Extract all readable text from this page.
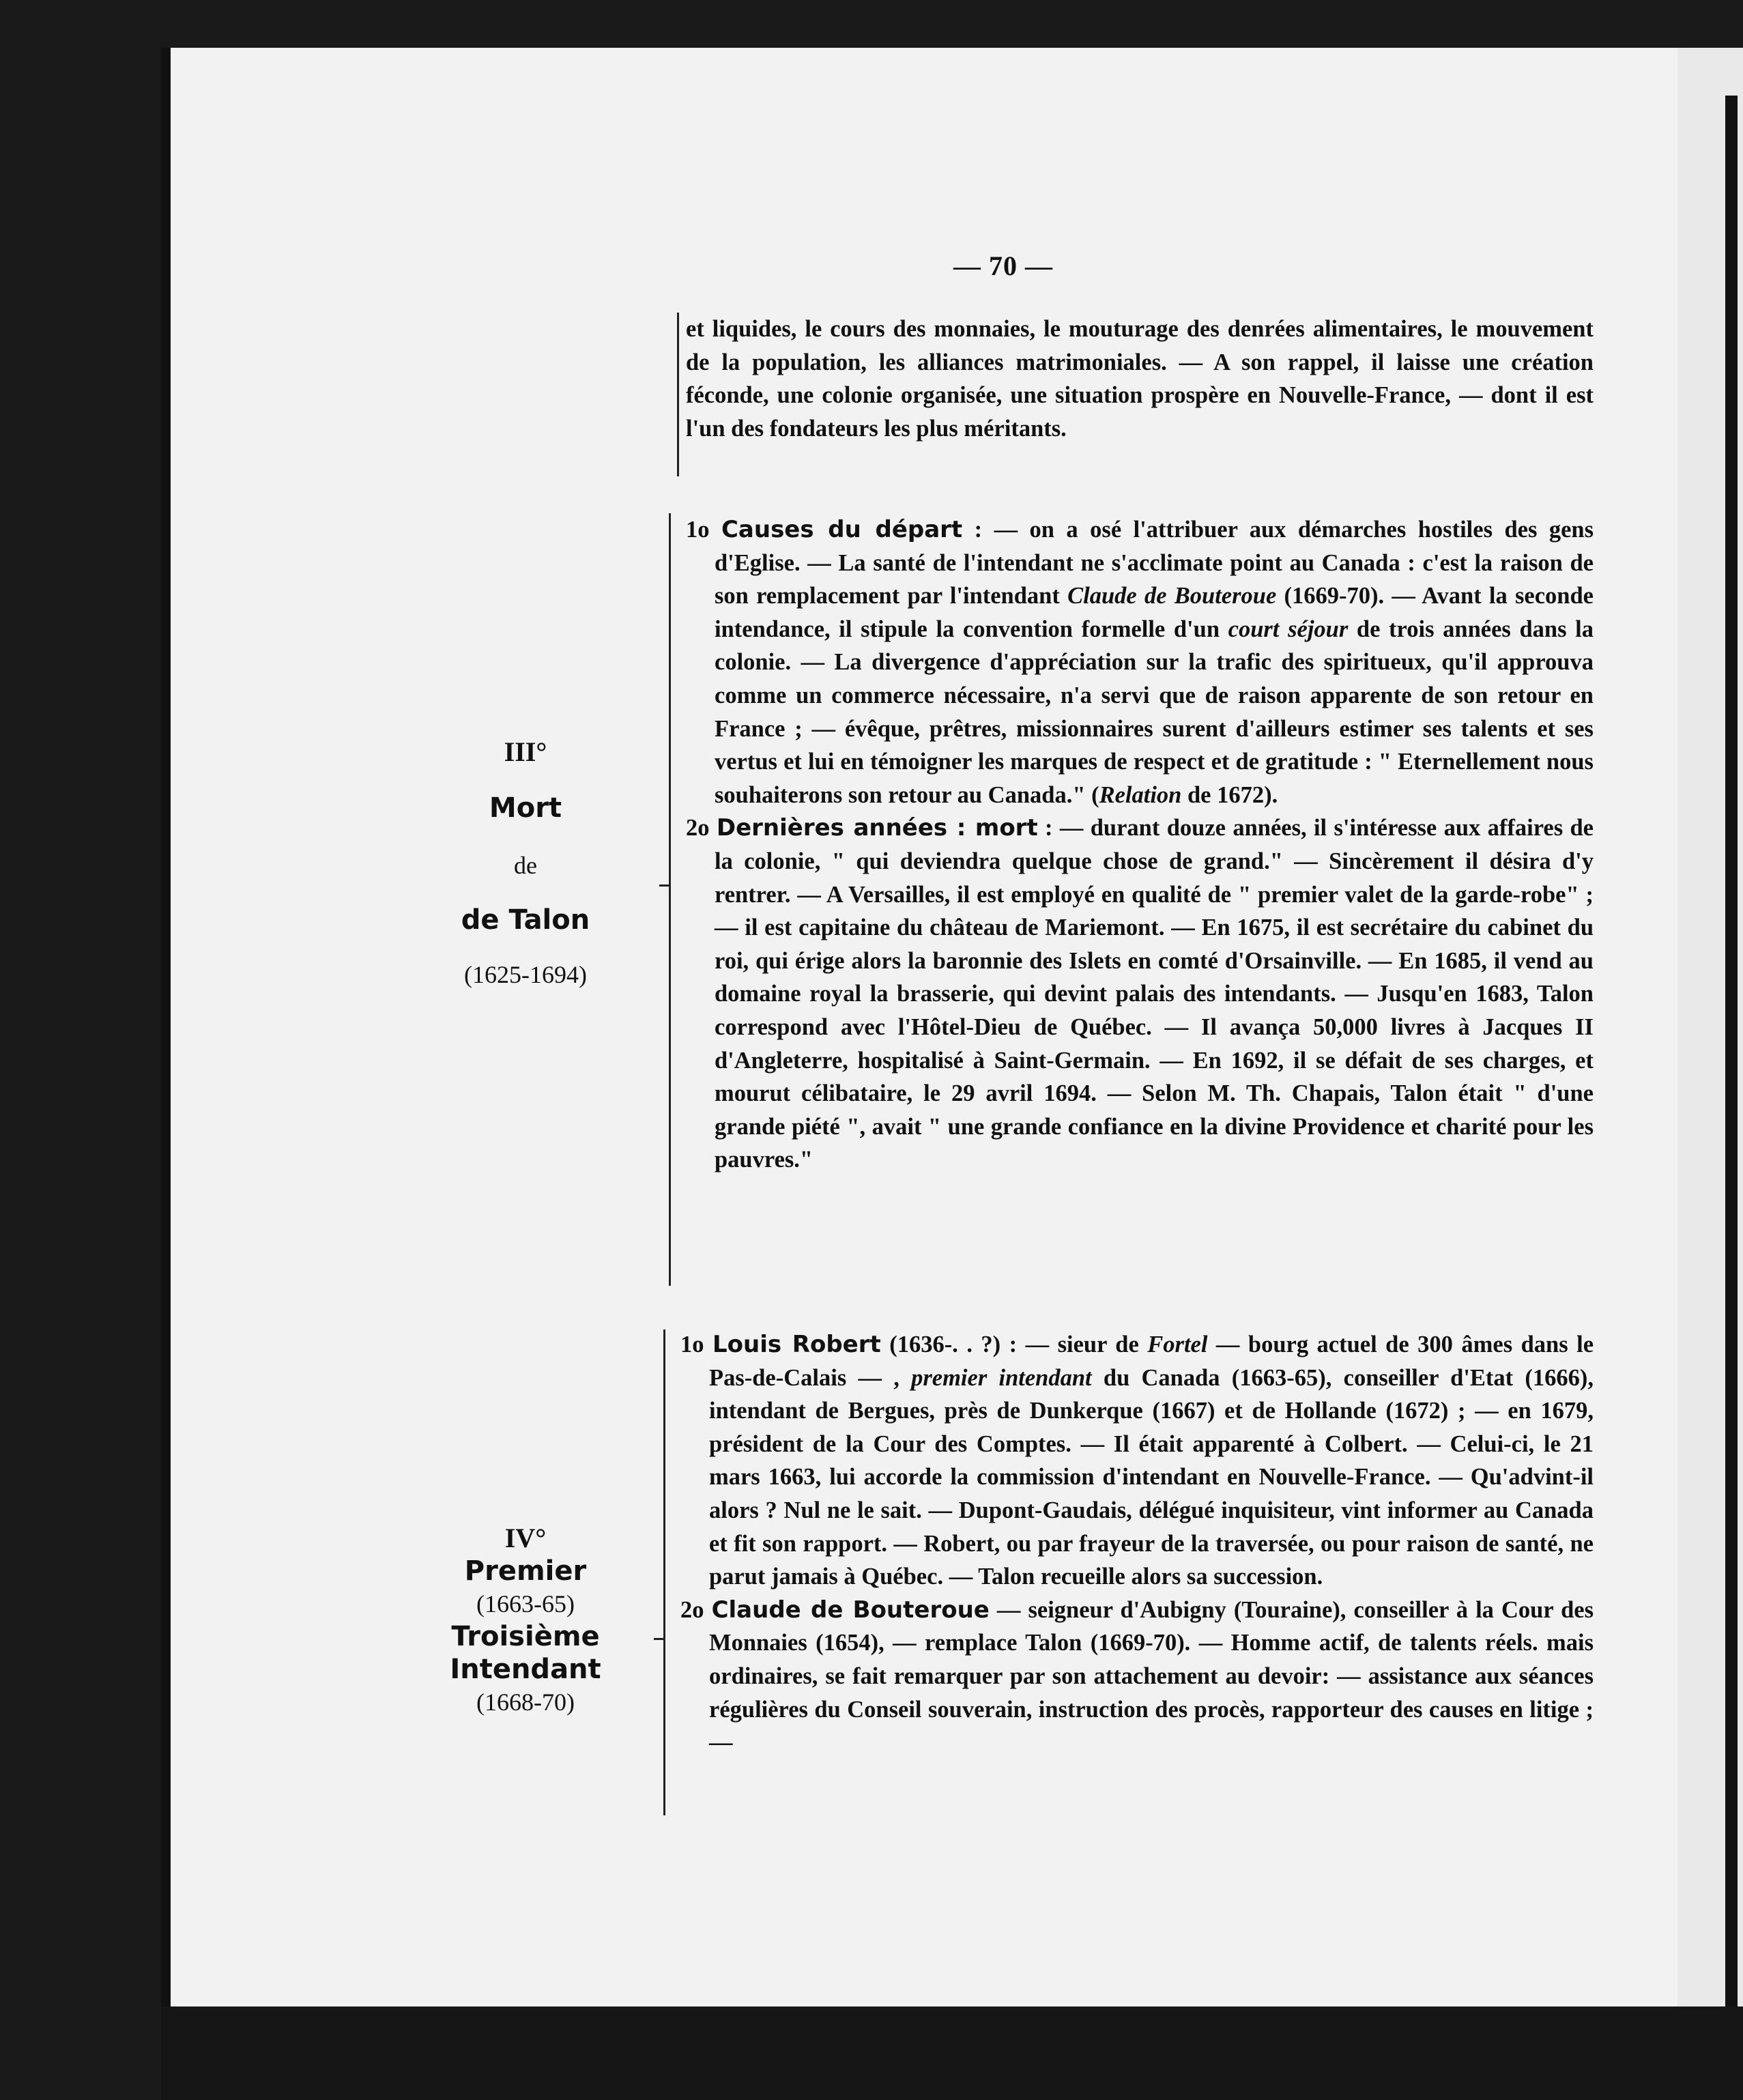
— 70 —

et liquides, le cours des monnaies, le mouturage des denrées alimentaires, le mouvement de la population, les alliances matrimoniales. — A son rappel, il laisse une création féconde, une colonie organisée, une situation prospère en Nouvelle-France, — dont il est l'un des fondateurs les plus méritants.

III°
Mort
de
de Talon
(1625-1694)

1o Causes du départ : — on a osé l'attribuer aux démarches hostiles des gens d'Eglise. — La santé de l'intendant ne s'acclimate point au Canada : c'est la raison de son remplacement par l'intendant Claude de Bouteroue (1669-70). — Avant la seconde intendance, il stipule la convention formelle d'un court séjour de trois années dans la colonie. — La divergence d'appréciation sur la trafic des spiritueux, qu'il approuva comme un commerce nécessaire, n'a servi que de raison apparente de son retour en France ; — évêque, prêtres, missionnaires surent d'ailleurs estimer ses talents et ses vertus et lui en témoigner les marques de respect et de gratitude : " Eternellement nous souhaiterons son retour au Canada." (Relation de 1672).

2o Dernières années : mort : — durant douze années, il s'intéresse aux affaires de la colonie, " qui deviendra quelque chose de grand." — Sincèrement il désira d'y rentrer. — A Versailles, il est employé en qualité de " premier valet de la garde-robe" ; — il est capitaine du château de Mariemont. — En 1675, il est secrétaire du cabinet du roi, qui érige alors la baronnie des Islets en comté d'Orsainville. — En 1685, il vend au domaine royal la brasserie, qui devint palais des intendants. — Jusqu'en 1683, Talon correspond avec l'Hôtel-Dieu de Québec. — Il avança 50,000 livres à Jacques II d'Angleterre, hospitalisé à Saint-Germain. — En 1692, il se défait de ses charges, et mourut célibataire, le 29 avril 1694. — Selon M. Th. Chapais, Talon était " d'une grande piété ", avait " une grande confiance en la divine Providence et charité pour les pauvres."

IV°
Premier
(1663-65)
Troisième
Intendant
(1668-70)

1o Louis Robert (1636-. . ?) : — sieur de Fortel — bourg actuel de 300 âmes dans le Pas-de-Calais — , premier intendant du Canada (1663-65), conseiller d'Etat (1666), intendant de Bergues, près de Dunkerque (1667) et de Hollande (1672) ; — en 1679, président de la Cour des Comptes. — Il était apparenté à Colbert. — Celui-ci, le 21 mars 1663, lui accorde la commission d'intendant en Nouvelle-France. — Qu'advint-il alors ? Nul ne le sait. — Dupont-Gaudais, délégué inquisiteur, vint informer au Canada et fit son rapport. — Robert, ou par frayeur de la traversée, ou pour raison de santé, ne parut jamais à Québec. — Talon recueille alors sa succession.

2o Claude de Bouteroue — seigneur d'Aubigny (Touraine), conseiller à la Cour des Monnaies (1654), — remplace Talon (1669-70). — Homme actif, de talents réels. mais ordinaires, se fait remarquer par son attachement au devoir: — assistance aux séances régulières du Conseil souverain, instruction des procès, rapporteur des causes en litige ; —
